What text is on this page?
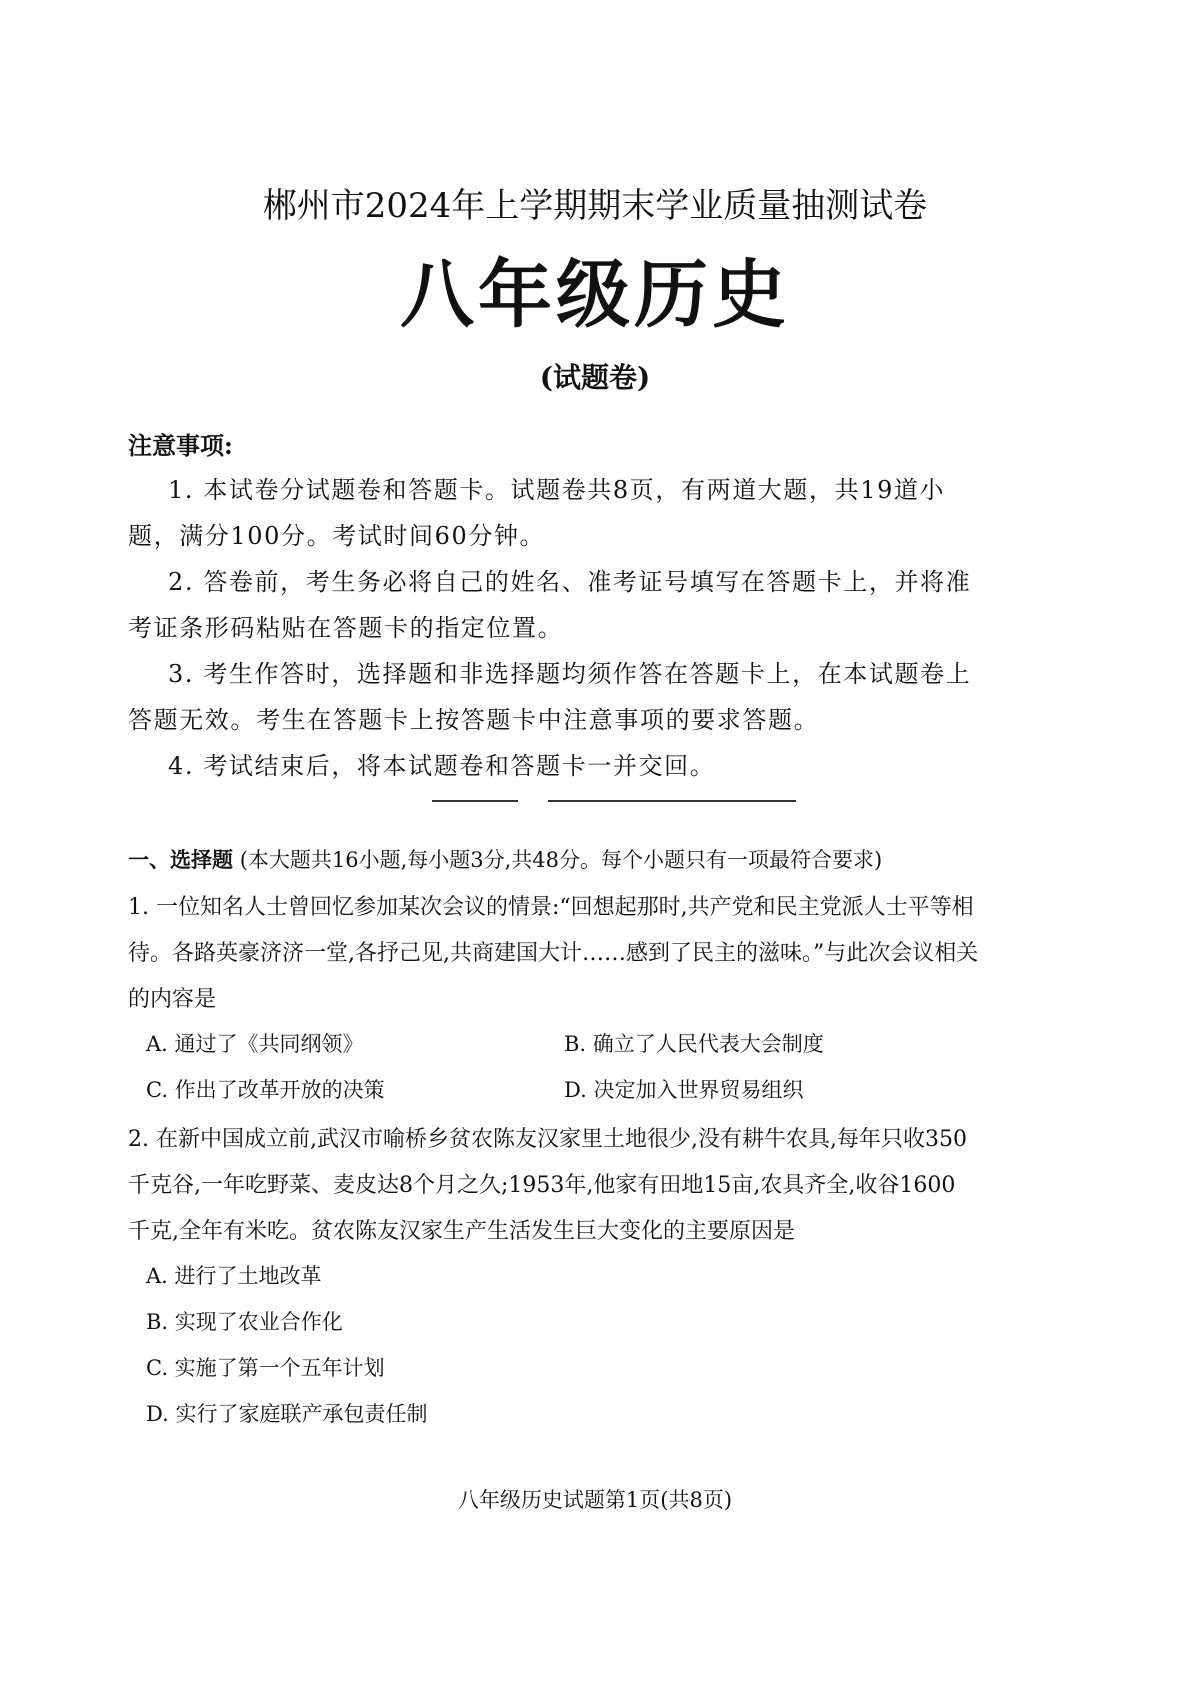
郴州市2024年上学期期末学业质量抽测试卷
八年级历史
(试题卷)
注意事项:
1. 本试卷分试题卷和答题卡。试题卷共8页，有两道大题，共19道小
题，满分100分。考试时间60分钟。
2. 答卷前，考生务必将自己的姓名、准考证号填写在答题卡上，并将准
考证条形码粘贴在答题卡的指定位置。
3. 考生作答时，选择题和非选择题均须作答在答题卡上，在本试题卷上
答题无效。考生在答题卡上按答题卡中注意事项的要求答题。
4. 考试结束后，将本试题卷和答题卡一并交回。
一、选择题 (本大题共16小题,每小题3分,共48分。每个小题只有一项最符合要求)
1. 一位知名人士曾回忆参加某次会议的情景:“回想起那时,共产党和民主党派人士平等相
待。各路英豪济济一堂,各抒己见,共商建国大计……感到了民主的滋味。”与此次会议相关
的内容是
A. 通过了《共同纲领》	B. 确立了人民代表大会制度
C. 作出了改革开放的决策	D. 决定加入世界贸易组织
2. 在新中国成立前,武汉市喻桥乡贫农陈友汉家里土地很少,没有耕牛农具,每年只收350
千克谷,一年吃野菜、麦皮达8个月之久;1953年,他家有田地15亩,农具齐全,收谷1600
千克,全年有米吃。贫农陈友汉家生产生活发生巨大变化的主要原因是
A. 进行了土地改革
B. 实现了农业合作化
C. 实施了第一个五年计划
D. 实行了家庭联产承包责任制
八年级历史试题第1页(共8页)
